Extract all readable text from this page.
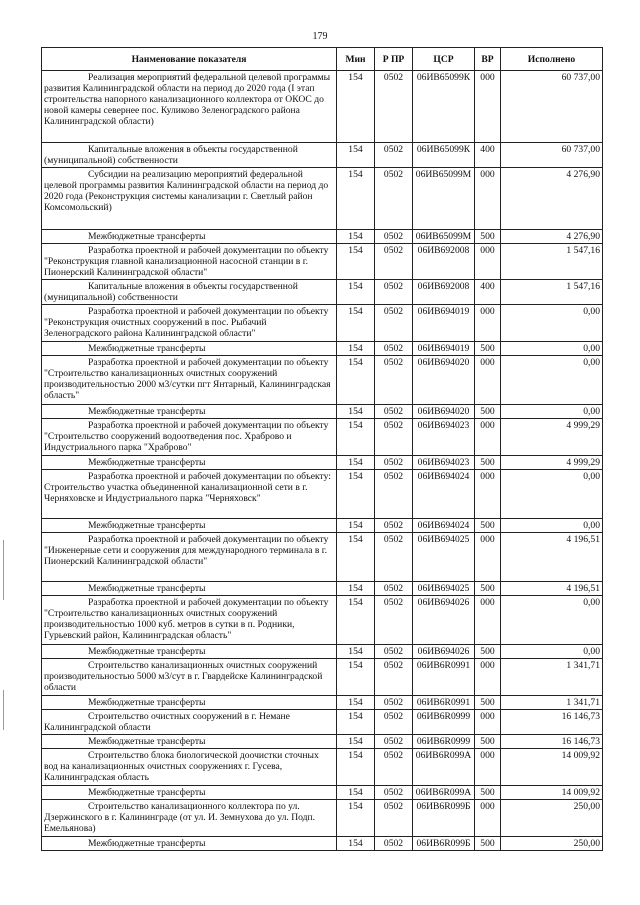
179
Наименование показателя	Мин	Р ПР	ЦСР	ВР	Исполнено
Реализация мероприятий федеральной целевой программы развития Калининградской области на период до 2020 года (I этап строительства напорного канализационного коллектора от ОКОС до новой камеры севернее пос. Куликово Зеленоградского района Калининградской области)	154	0502	06ИВ65099К	000	60 737,00
Капитальные вложения в объекты государственной (муниципальной) собственности	154	0502	06ИВ65099К	400	60 737,00
Субсидии на реализацию мероприятий федеральной целевой программы развития Калининградской области на период до 2020 года (Реконструкция системы канализации г. Светлый район Комсомольский)	154	0502	06ИВ65099М	000	4 276,90
Межбюджетные трансферты	154	0502	06ИВ65099М	500	4 276,90
Разработка проектной и рабочей документации по объекту "Реконструкция главной канализационной насосной станции в г. Пионерский Калининградской области"	154	0502	06ИВ692008	000	1 547,16
Капитальные вложения в объекты государственной (муниципальной) собственности	154	0502	06ИВ692008	400	1 547,16
Разработка проектной и рабочей документации по объекту "Реконструкция очистных сооружений в пос. Рыбачий Зеленоградского района Калининградской области"	154	0502	06ИВ694019	000	0,00
Межбюджетные трансферты	154	0502	06ИВ694019	500	0,00
Разработка проектной и рабочей документации по объекту "Строительство канализационных очистных сооружений производительностью 2000 м3/сутки пгт Янтарный, Калининградская область"	154	0502	06ИВ694020	000	0,00
Межбюджетные трансферты	154	0502	06ИВ694020	500	0,00
Разработка проектной и рабочей документации по объекту "Строительство сооружений водоотведения пос. Храброво и Индустриального парка "Храброво"	154	0502	06ИВ694023	000	4 999,29
Межбюджетные трансферты	154	0502	06ИВ694023	500	4 999,29
Разработка проектной и рабочей документации по объекту: Строительство участка объединенной канализационной сети в г. Черняховске и Индустриального парка "Черняховск"	154	0502	06ИВ694024	000	0,00
Межбюджетные трансферты	154	0502	06ИВ694024	500	0,00
Разработка проектной и рабочей документации по объекту "Инженерные сети и сооружения для международного терминала в г. Пионерский Калининградской области"	154	0502	06ИВ694025	000	4 196,51
Межбюджетные трансферты	154	0502	06ИВ694025	500	4 196,51
Разработка проектной и рабочей документации по объекту "Строительство канализационных очистных сооружений производительностью 1000 куб. метров в сутки в п. Родники, Гурьевский район, Калининградская область"	154	0502	06ИВ694026	000	0,00
Межбюджетные трансферты	154	0502	06ИВ694026	500	0,00
Строительство канализационных очистных сооружений производительностью 5000 м3/сут в г. Гвардейске Калининградской области	154	0502	06ИВ6R0991	000	1 341,71
Межбюджетные трансферты	154	0502	06ИВ6R0991	500	1 341,71
Строительство очистных сооружений в г. Немане Калининградской области	154	0502	06ИВ6R0999	000	16 146,73
Межбюджетные трансферты	154	0502	06ИВ6R0999	500	16 146,73
Строительство блока биологической доочистки сточных вод на канализационных очистных сооружениях г. Гусева, Калининградская область	154	0502	06ИВ6R099А	000	14 009,92
Межбюджетные трансферты	154	0502	06ИВ6R099А	500	14 009,92
Строительство канализационного коллектора по ул. Дзержинского в г. Калининграде (от ул. И. Земнухова до ул. Подп. Емельянова)	154	0502	06ИВ6R099Б	000	250,00
Межбюджетные трансферты	154	0502	06ИВ6R099Б	500	250,00
